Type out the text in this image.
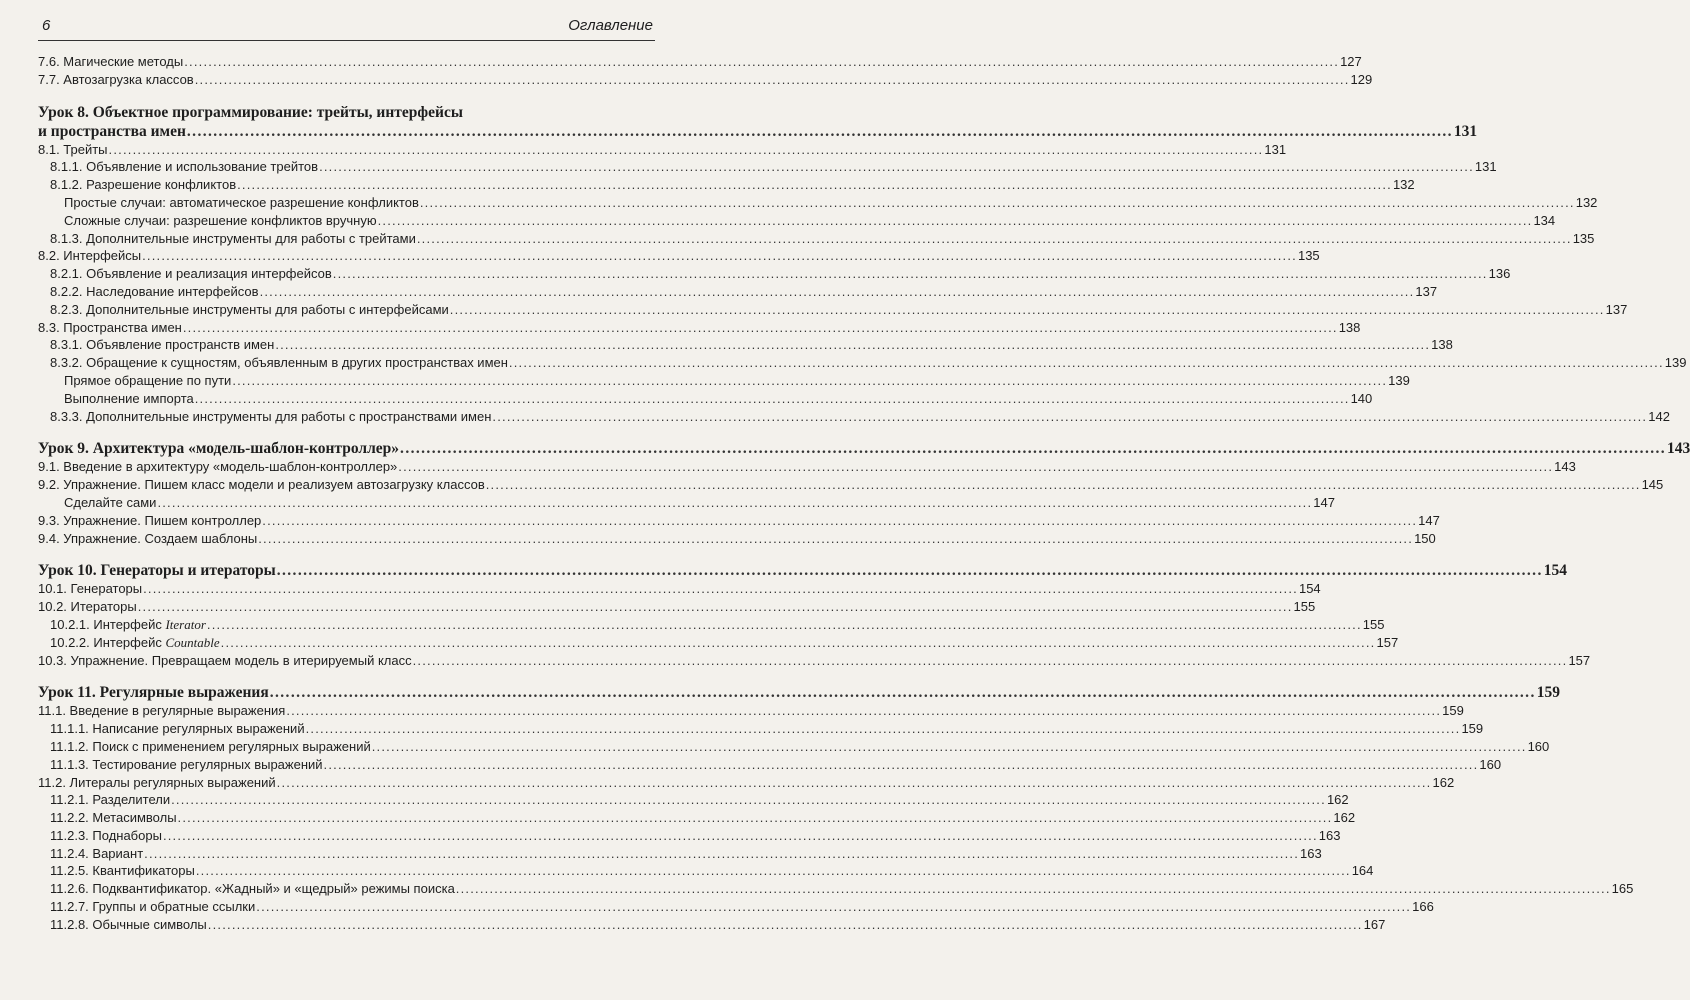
6	Оглавление
7.6. Магические методы .....	127
7.7. Автозагрузка классов .....	129
Урок 8. Объектное программирование: трейты, интерфейсы
и пространства имен .....	131
8.1. Трейты .....	131
8.1.1. Объявление и использование трейтов .....	131
8.1.2. Разрешение конфликтов .....	132
Простые случаи: автоматическое разрешение конфликтов .....	132
Сложные случаи: разрешение конфликтов вручную .....	134
8.1.3. Дополнительные инструменты для работы с трейтами .....	135
8.2. Интерфейсы .....	135
8.2.1. Объявление и реализация интерфейсов .....	136
8.2.2. Наследование интерфейсов .....	137
8.2.3. Дополнительные инструменты для работы с интерфейсами .....	137
8.3. Пространства имен .....	138
8.3.1. Объявление пространств имен .....	138
8.3.2. Обращение к сущностям, объявленным в других пространствах имен .....	139
Прямое обращение по пути .....	139
Выполнение импорта .....	140
8.3.3. Дополнительные инструменты для работы с пространствами имен .....	142
Урок 9. Архитектура «модель-шаблон-контроллер» .....	143
9.1. Введение в архитектуру «модель-шаблон-контроллер» .....	143
9.2. Упражнение. Пишем класс модели и реализуем автозагрузку классов .....	145
Сделайте сами .....	147
9.3. Упражнение. Пишем контроллер .....	147
9.4. Упражнение. Создаем шаблоны .....	150
Урок 10. Генераторы и итераторы .....	154
10.1. Генераторы .....	154
10.2. Итераторы .....	155
10.2.1. Интерфейс Iterator .....	155
10.2.2. Интерфейс Countable .....	157
10.3. Упражнение. Превращаем модель в итерируемый класс .....	157
Урок 11. Регулярные выражения .....	159
11.1. Введение в регулярные выражения .....	159
11.1.1. Написание регулярных выражений .....	159
11.1.2. Поиск с применением регулярных выражений .....	160
11.1.3. Тестирование регулярных выражений .....	160
11.2. Литералы регулярных выражений .....	162
11.2.1. Разделители .....	162
11.2.2. Метасимволы .....	162
11.2.3. Поднаборы .....	163
11.2.4. Вариант .....	163
11.2.5. Квантификаторы .....	164
11.2.6. Подквантификатор. «Жадный» и «щедрый» режимы поиска .....	165
11.2.7. Группы и обратные ссылки .....	166
11.2.8. Обычные символы .....	167
